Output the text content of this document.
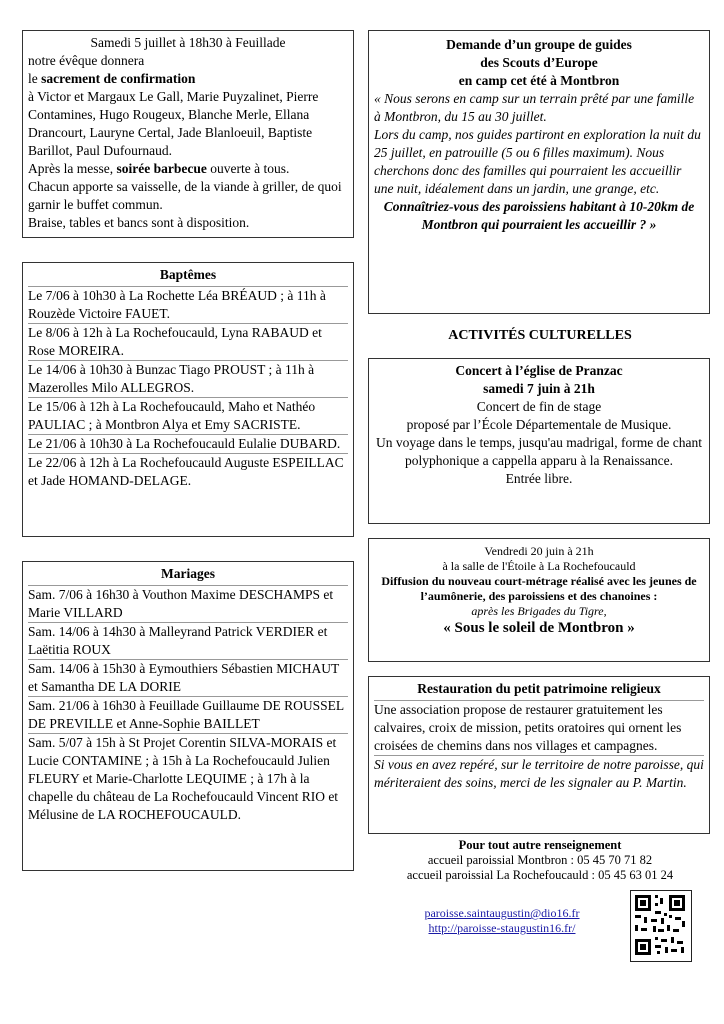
Samedi 5 juillet à 18h30 à Feuillade

notre évêque donnera

le sacrement de confirmation

à Victor et Margaux Le Gall, Marie Puyzalinet, Pierre Contamines, Hugo Rougeux, Blanche Merle, Ellana Drancourt, Lauryne Certal, Jade Blanloeuil, Baptiste Barillot, Paul Dufournaud.

Après la messe, soirée barbecue ouverte à tous.

Chacun apporte sa vaisselle, de la viande à griller, de quoi garnir le buffet commun.

Braise, tables et bancs sont à disposition.

Baptêmes

Le 7/06 à 10h30 à La Rochette Léa BRÉAUD ; à 11h à Rouzède Victoire FAUET.

Le 8/06 à 12h à La Rochefoucauld, Lyna RABAUD et Rose MOREIRA.

Le 14/06 à 10h30 à Bunzac Tiago PROUST ; à 11h à Mazerolles Milo ALLEGROS.

Le 15/06 à 12h à La Rochefoucauld, Maho et Nathéo PAULIAC ; à Montbron Alya et Emy SACRISTE.

Le 21/06 à 10h30 à La Rochefoucauld Eulalie DUBARD.

Le 22/06 à 12h à La Rochefoucauld Auguste ESPEILLAC et Jade HOMAND-DELAGE.

Mariages

Sam. 7/06 à 16h30 à Vouthon Maxime DESCHAMPS et Marie VILLARD

Sam. 14/06 à 14h30 à Malleyrand Patrick VERDIER et Laëtitia ROUX

Sam. 14/06 à 15h30 à Eymouthiers Sébastien MICHAUT et Samantha DE LA DORIE

Sam. 21/06 à 16h30 à Feuillade Guillaume DE ROUSSEL DE PREVILLE et Anne-Sophie BAILLET

Sam. 5/07 à 15h à St Projet Corentin SILVA-MORAIS et Lucie CONTAMINE ; à 15h à La Rochefoucauld Julien FLEURY et Marie-Charlotte LEQUIME ; à 17h à la chapelle du château de La Rochefoucauld Vincent RIO et Mélusine de LA ROCHEFOUCAULD.

Demande d’un groupe de guides

des Scouts d’Europe

en camp cet été à Montbron

« Nous serons en camp sur un terrain prêté par une famille à Montbron, du 15 au 30 juillet.

Lors du camp, nos guides partiront en exploration la nuit du 25 juillet, en patrouille (5 ou 6 filles maximum). Nous cherchons donc des familles qui pourraient les accueillir une nuit, idéalement dans un jardin, une grange, etc.

Connaîtriez-vous des paroissiens habitant à 10-20km de Montbron qui pourraient les accueillir ? »

ACTIVITÉS CULTURELLES

Concert à l’église de Pranzac

samedi 7 juin à 21h

Concert de fin de stage

proposé par l’École Départementale de Musique.

Un voyage dans le temps, jusqu'au madrigal, forme de chant polyphonique a cappella apparu à la Renaissance.

Entrée libre.

Vendredi 20 juin à 21h

à la salle de l'Étoile à La Rochefoucauld

Diffusion du nouveau court-métrage réalisé avec les jeunes de l’aumônerie, des paroissiens et des chanoines :

après les Brigades du Tigre,

« Sous le soleil de Montbron »

Restauration du petit patrimoine religieux

Une association propose de restaurer gratuitement les calvaires, croix de mission, petits oratoires qui ornent les croisées de chemins dans nos villages et campagnes.

Si vous en avez repéré, sur le territoire de notre paroisse, qui mériteraient des soins, merci de les signaler au P. Martin.

Pour tout autre renseignement

accueil paroissial Montbron : 05 45 70 71 82

accueil paroissial La Rochefoucauld : 05 45 63 01 24

paroisse.saintaugustin@dio16.fr
http://paroisse-staugustin16.fr/
